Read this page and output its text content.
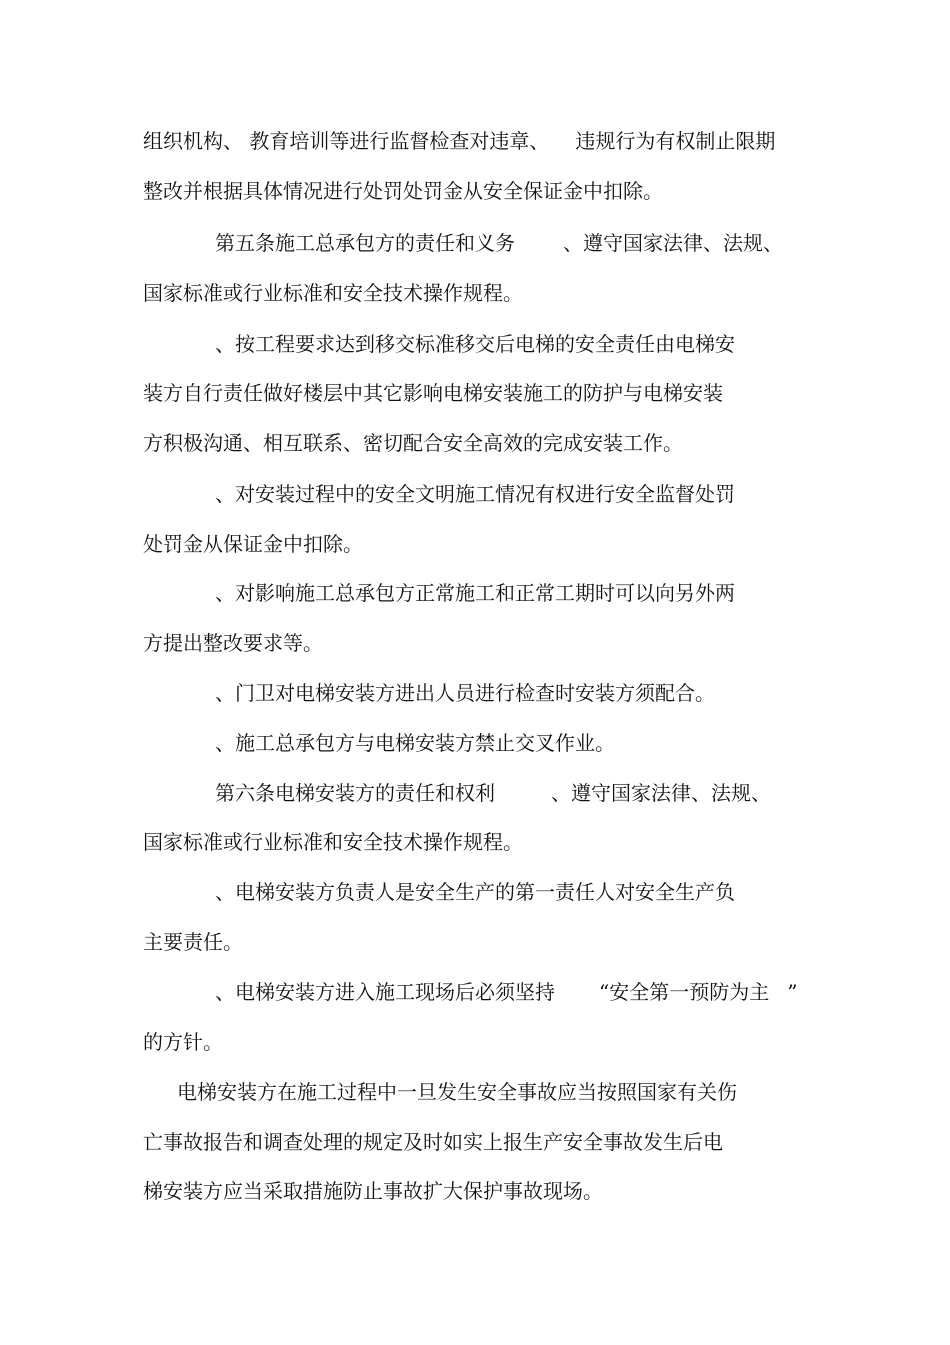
组织机构、 教育培训等进行监督检查对违章、 违规行为有权制止限期
整改并根据具体情况进行处罚处罚金从安全保证金中扣除。
第五条施工总承包方的责任和义务 、遵守国家法律、法规、
国家标准或行业标准和安全技术操作规程。
、按工程要求达到移交标准移交后电梯的安全责任由电梯安
装方自行责任做好楼层中其它影响电梯安装施工的防护与电梯安装
方积极沟通、相互联系、密切配合安全高效的完成安装工作。
、对安装过程中的安全文明施工情况有权进行安全监督处罚
处罚金从保证金中扣除。
、对影响施工总承包方正常施工和正常工期时可以向另外两
方提出整改要求等。
、门卫对电梯安装方进出人员进行检查时安装方须配合。
、施工总承包方与电梯安装方禁止交叉作业。
第六条电梯安装方的责任和权利	、遵守国家法律、法规、
国家标准或行业标准和安全技术操作规程。
、电梯安装方负责人是安全生产的第一责任人对安全生产负
主要责任。
、电梯安装方进入施工现场后必须坚持 “安全第一预防为主 ”
的方针。
电梯安装方在施工过程中一旦发生安全事故应当按照国家有关伤
亡事故报告和调查处理的规定及时如实上报生产安全事故发生后电
梯安装方应当采取措施防止事故扩大保护事故现场。
